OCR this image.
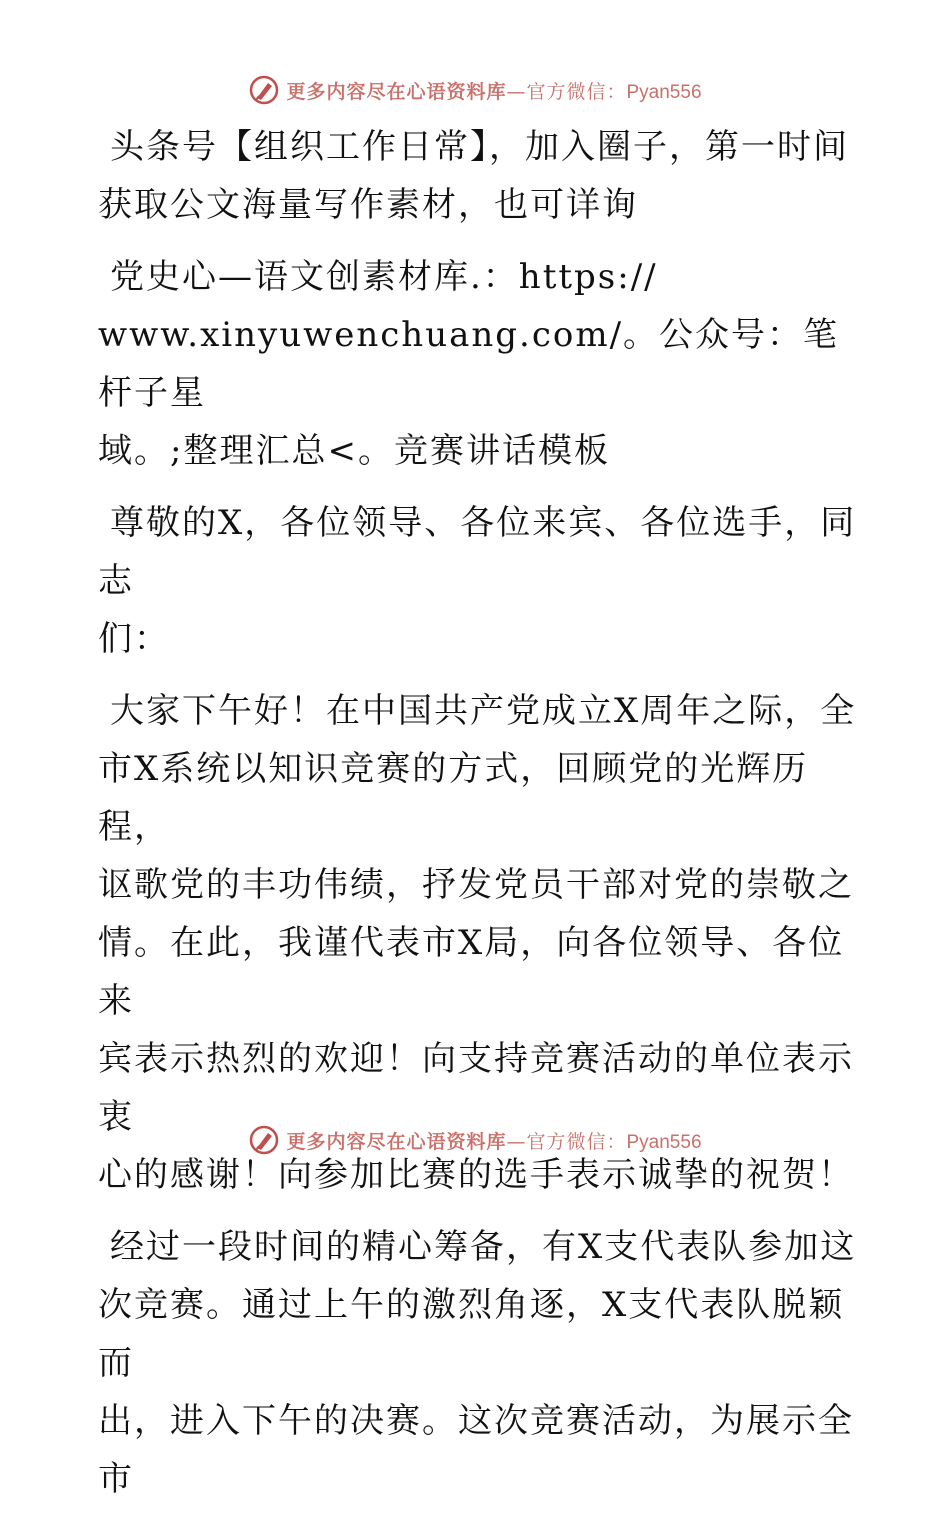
更多内容尽在心语资料库—官方微信：Pyan556

头条号【组织工作日常】，加入圈子，第一时间
获取公文海量写作素材，也可详询

党史心—语文创素材库.：https://
www.xinyuwenchuang.com/。公众号：笔杆子星
域。;整理汇总<。竞赛讲话模板

尊敬的X，各位领导、各位来宾、各位选手，同志
们：

大家下午好！在中国共产党成立X周年之际，全
市X系统以知识竞赛的方式，回顾党的光辉历程，
讴歌党的丰功伟绩，抒发党员干部对党的崇敬之
情。在此，我谨代表市X局，向各位领导、各位来
宾表示热烈的欢迎！向支持竞赛活动的单位表示衷
心的感谢！向参加比赛的选手表示诚挚的祝贺！

经过一段时间的精心筹备，有X支代表队参加这
次竞赛。通过上午的激烈角逐，X支代表队脱颖而
出，进入下午的决赛。这次竞赛活动，为展示全市

更多内容尽在心语资料库—官方微信：Pyan556
